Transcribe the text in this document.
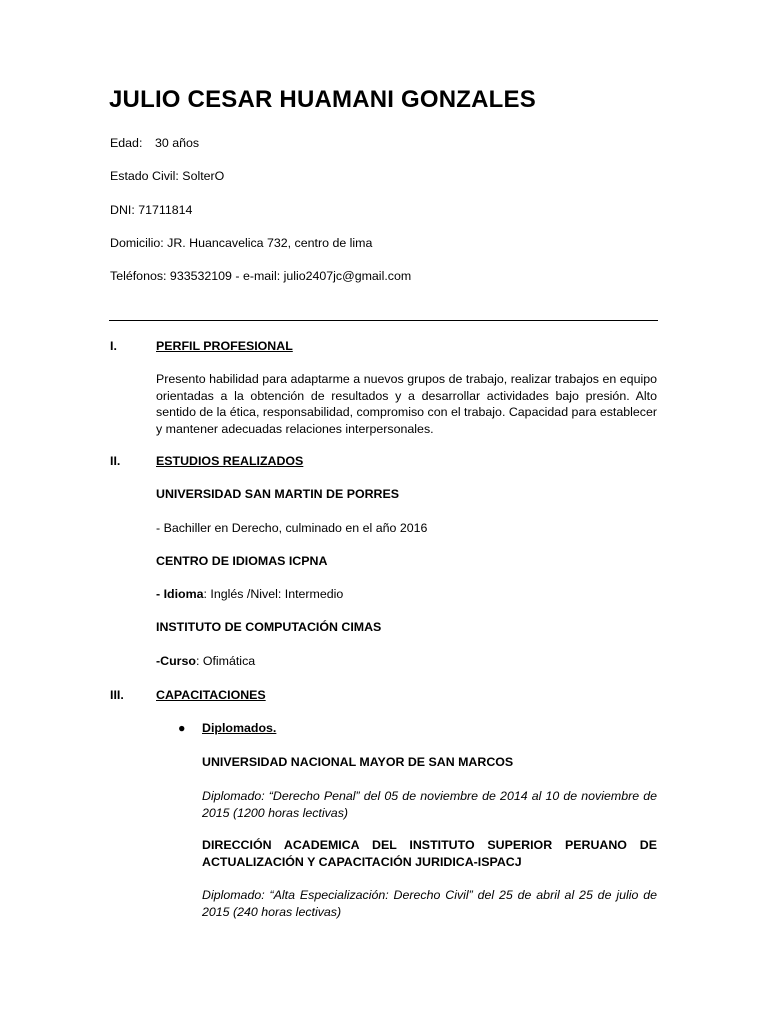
JULIO CESAR HUAMANI GONZALES
Edad: 30 años
Estado Civil: SolterO
DNI: 71711814
Domicilio: JR. Huancavelica 732, centro de lima
Teléfonos: 933532109 - e-mail: julio2407jc@gmail.com
I.	PERFIL PROFESIONAL
Presento habilidad para adaptarme a nuevos grupos de trabajo, realizar trabajos en equipo orientadas a la obtención de resultados y a desarrollar actividades bajo presión. Alto sentido de la ética, responsabilidad, compromiso con el trabajo. Capacidad para establecer y mantener adecuadas relaciones interpersonales.
II.	ESTUDIOS REALIZADOS
UNIVERSIDAD SAN MARTIN DE PORRES
- Bachiller en Derecho, culminado en el año 2016
CENTRO DE IDIOMAS ICPNA
- Idioma: Inglés /Nivel: Intermedio
INSTITUTO DE COMPUTACIÓN CIMAS
-Curso: Ofimática
III.	CAPACITACIONES
● Diplomados.
UNIVERSIDAD NACIONAL MAYOR DE SAN MARCOS
Diplomado: “Derecho Penal” del 05 de noviembre de 2014 al 10 de noviembre de 2015 (1200 horas lectivas)
DIRECCIÓN ACADEMICA DEL INSTITUTO SUPERIOR PERUANO DE ACTUALIZACIÓN Y CAPACITACIÓN JURIDICA-ISPACJ
Diplomado: “Alta Especialización: Derecho Civil” del 25 de abril al 25 de julio de 2015 (240 horas lectivas)
